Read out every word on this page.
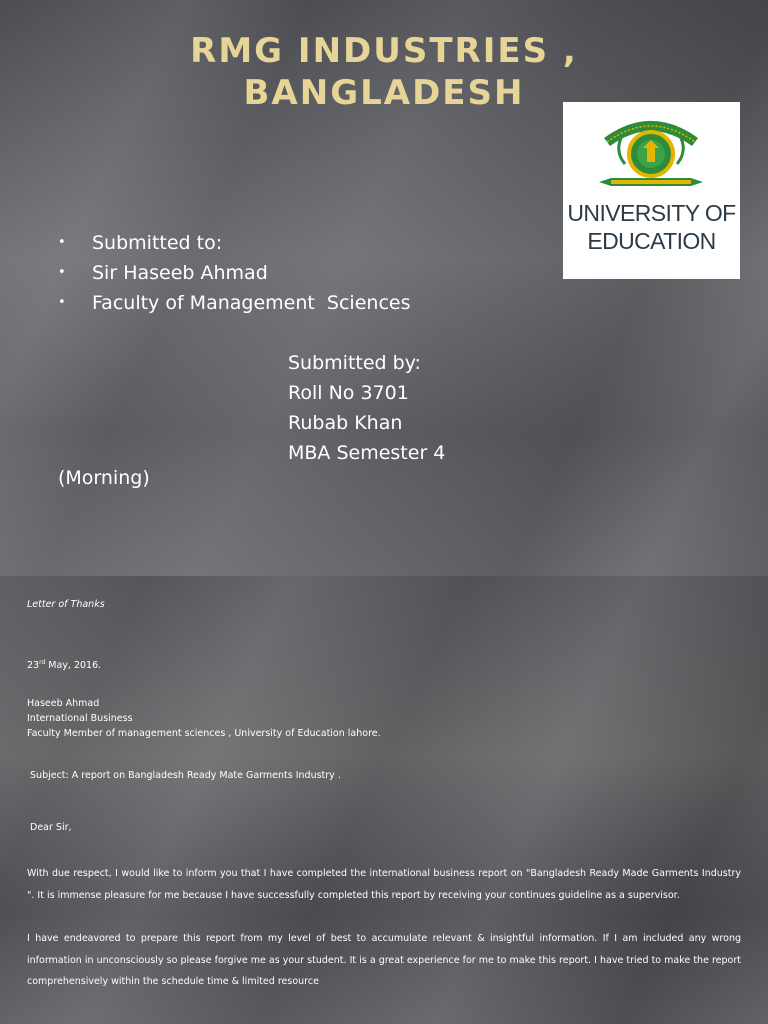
RMG INDUSTRIES ,
BANGLADESH
UNIVERSITY OF
EDUCATION
• Submitted to:
• Sir Haseeb Ahmad
• Faculty of Management  Sciences
Submitted by:
Roll No 3701
Rubab Khan
MBA Semester 4
(Morning)
Letter of Thanks
23rd May, 2016.
Haseeb Ahmad
International Business
Faculty Member of management sciences , University of Education lahore.
Subject: A report on Bangladesh Ready Mate Garments Industry .
Dear Sir,
With due respect, I would like to inform you that I have completed the international business report on "Bangladesh Ready Made Garments Industry ". It is immense pleasure for me because I have successfully completed this report by receiving your continues guideline as a supervisor.
I have endeavored to prepare this report from my level of best to accumulate relevant & insightful information. If I am included any wrong information in unconsciously so please forgive me as your student. It is a great experience for me to make this report. I have tried to make the report comprehensively within the schedule time & limited resource
